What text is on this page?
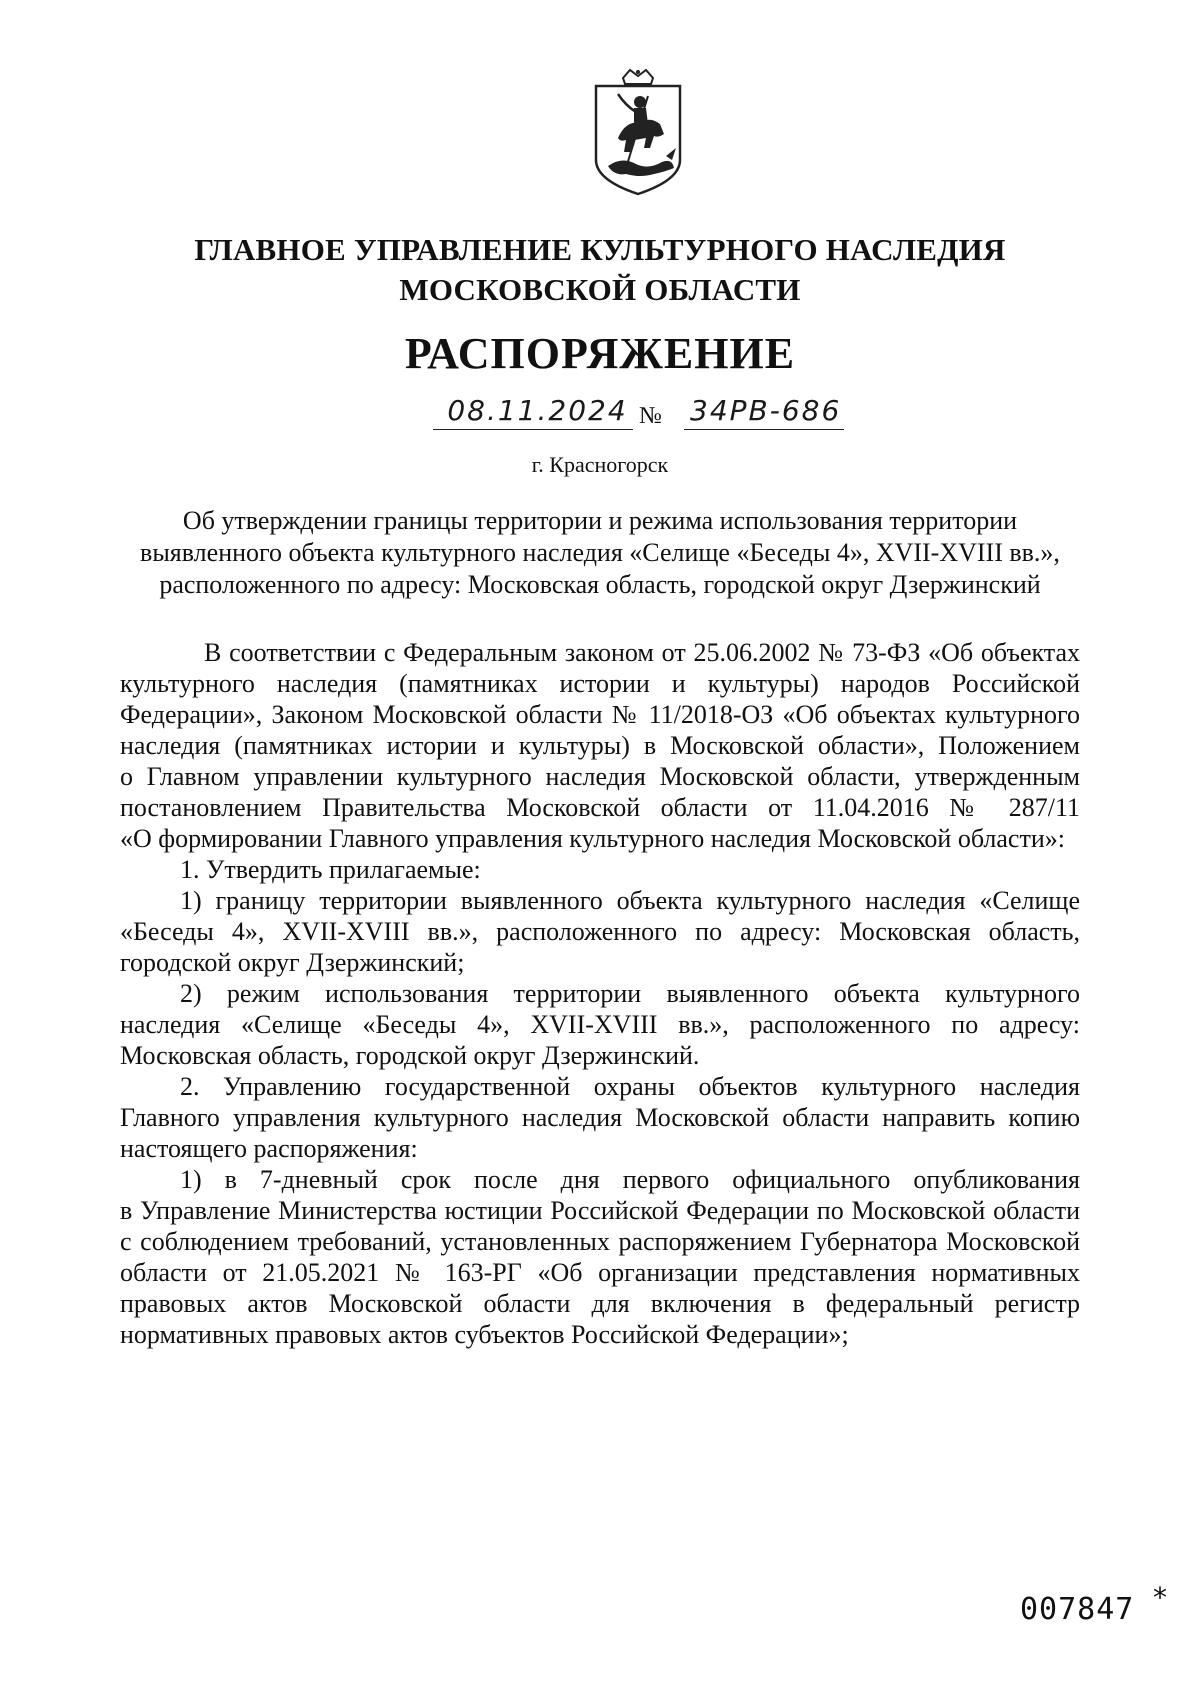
ГЛАВНОЕ УПРАВЛЕНИЕ КУЛЬТУРНОГО НАСЛЕДИЯ
МОСКОВСКОЙ ОБЛАСТИ
РАСПОРЯЖЕНИЕ
08.11.2024 № 34РВ-686
г. Красногорск
Об утверждении границы территории и режима использования территории
выявленного объекта культурного наследия «Селище «Беседы 4», XVII-XVIII вв.»,
расположенного по адресу: Московская область, городской округ Дзержинский

В соответствии с Федеральным законом от 25.06.2002 № 73-ФЗ «Об объектах
культурного наследия (памятниках истории и культуры) народов Российской
Федерации», Законом Московской области № 11/2018-ОЗ «Об объектах культурного
наследия (памятниках истории и культуры) в Московской области», Положением
о Главном управлении культурного наследия Московской области, утвержденным
постановлением Правительства Московской области от 11.04.2016 № 287/11
«О формировании Главного управления культурного наследия Московской области»:

1. Утвердить прилагаемые:

1) границу территории выявленного объекта культурного наследия «Селище
«Беседы 4», XVII-XVIII вв.», расположенного по адресу: Московская область,
городской округ Дзержинский;

2) режим использования территории выявленного объекта культурного
наследия «Селище «Беседы 4», XVII-XVIII вв.», расположенного по адресу:
Московская область, городской округ Дзержинский.

2. Управлению государственной охраны объектов культурного наследия
Главного управления культурного наследия Московской области направить копию
настоящего распоряжения:

1) в 7-дневный срок после дня первого официального опубликования
в Управление Министерства юстиции Российской Федерации по Московской области
с соблюдением требований, установленных распоряжением Губернатора Московской
области от 21.05.2021 № 163-РГ «Об организации представления нормативных
правовых актов Московской области для включения в федеральный регистр
нормативных правовых актов субъектов Российской Федерации»;

007847 *
